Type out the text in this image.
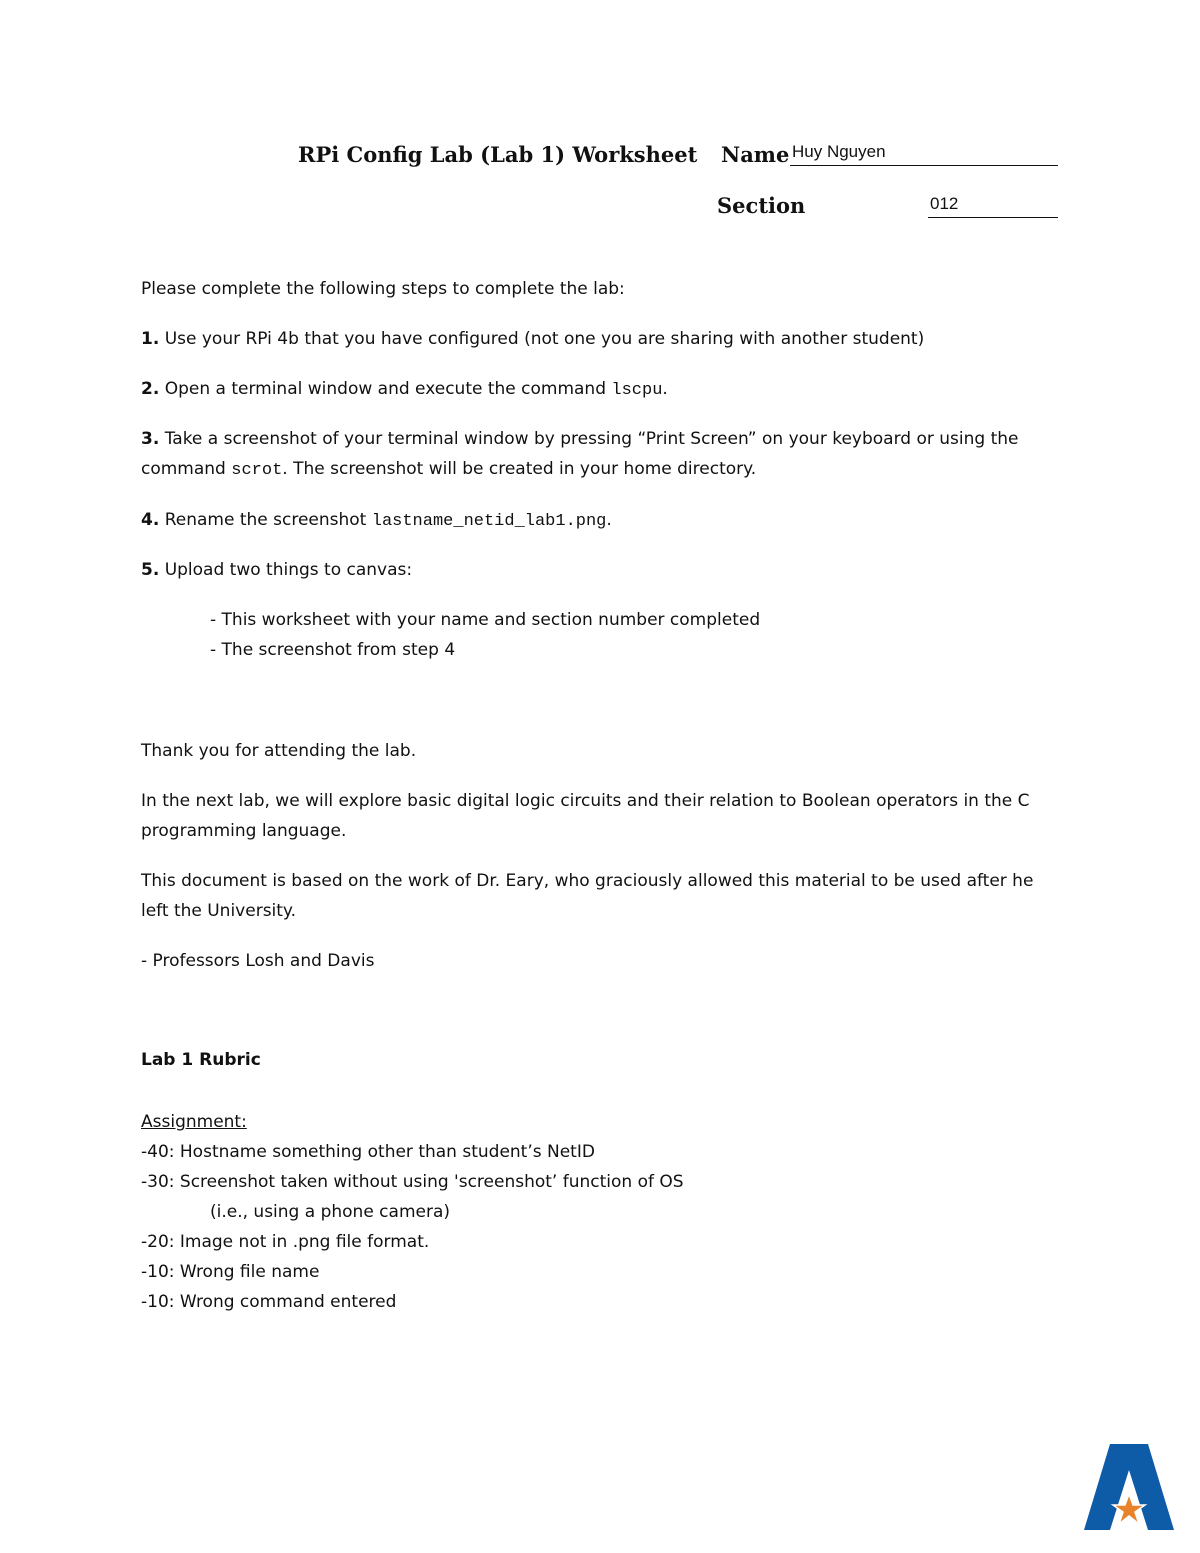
RPi Config Lab (Lab 1) Worksheet Name Huy Nguyen
Section	012
Please complete the following steps to complete the lab:
1. Use your RPi 4b that you have configured (not one you are sharing with another student)
2. Open a terminal window and execute the command lscpu.
3. Take a screenshot of your terminal window by pressing “Print Screen” on your keyboard or using the
command scrot. The screenshot will be created in your home directory.
4. Rename the screenshot lastname_netid_lab1.png.
5. Upload two things to canvas:
- This worksheet with your name and section number completed
- The screenshot from step 4
Thank you for attending the lab.
In the next lab, we will explore basic digital logic circuits and their relation to Boolean operators in the C
programming language.
This document is based on the work of Dr. Eary, who graciously allowed this material to be used after he
left the University.
- Professors Losh and Davis
Lab 1 Rubric
Assignment:
-40: Hostname something other than student’s NetID
-30: Screenshot taken without using 'screenshot’ function of OS
(i.e., using a phone camera)
-20: Image not in .png file format.
-10: Wrong file name
-10: Wrong command entered
